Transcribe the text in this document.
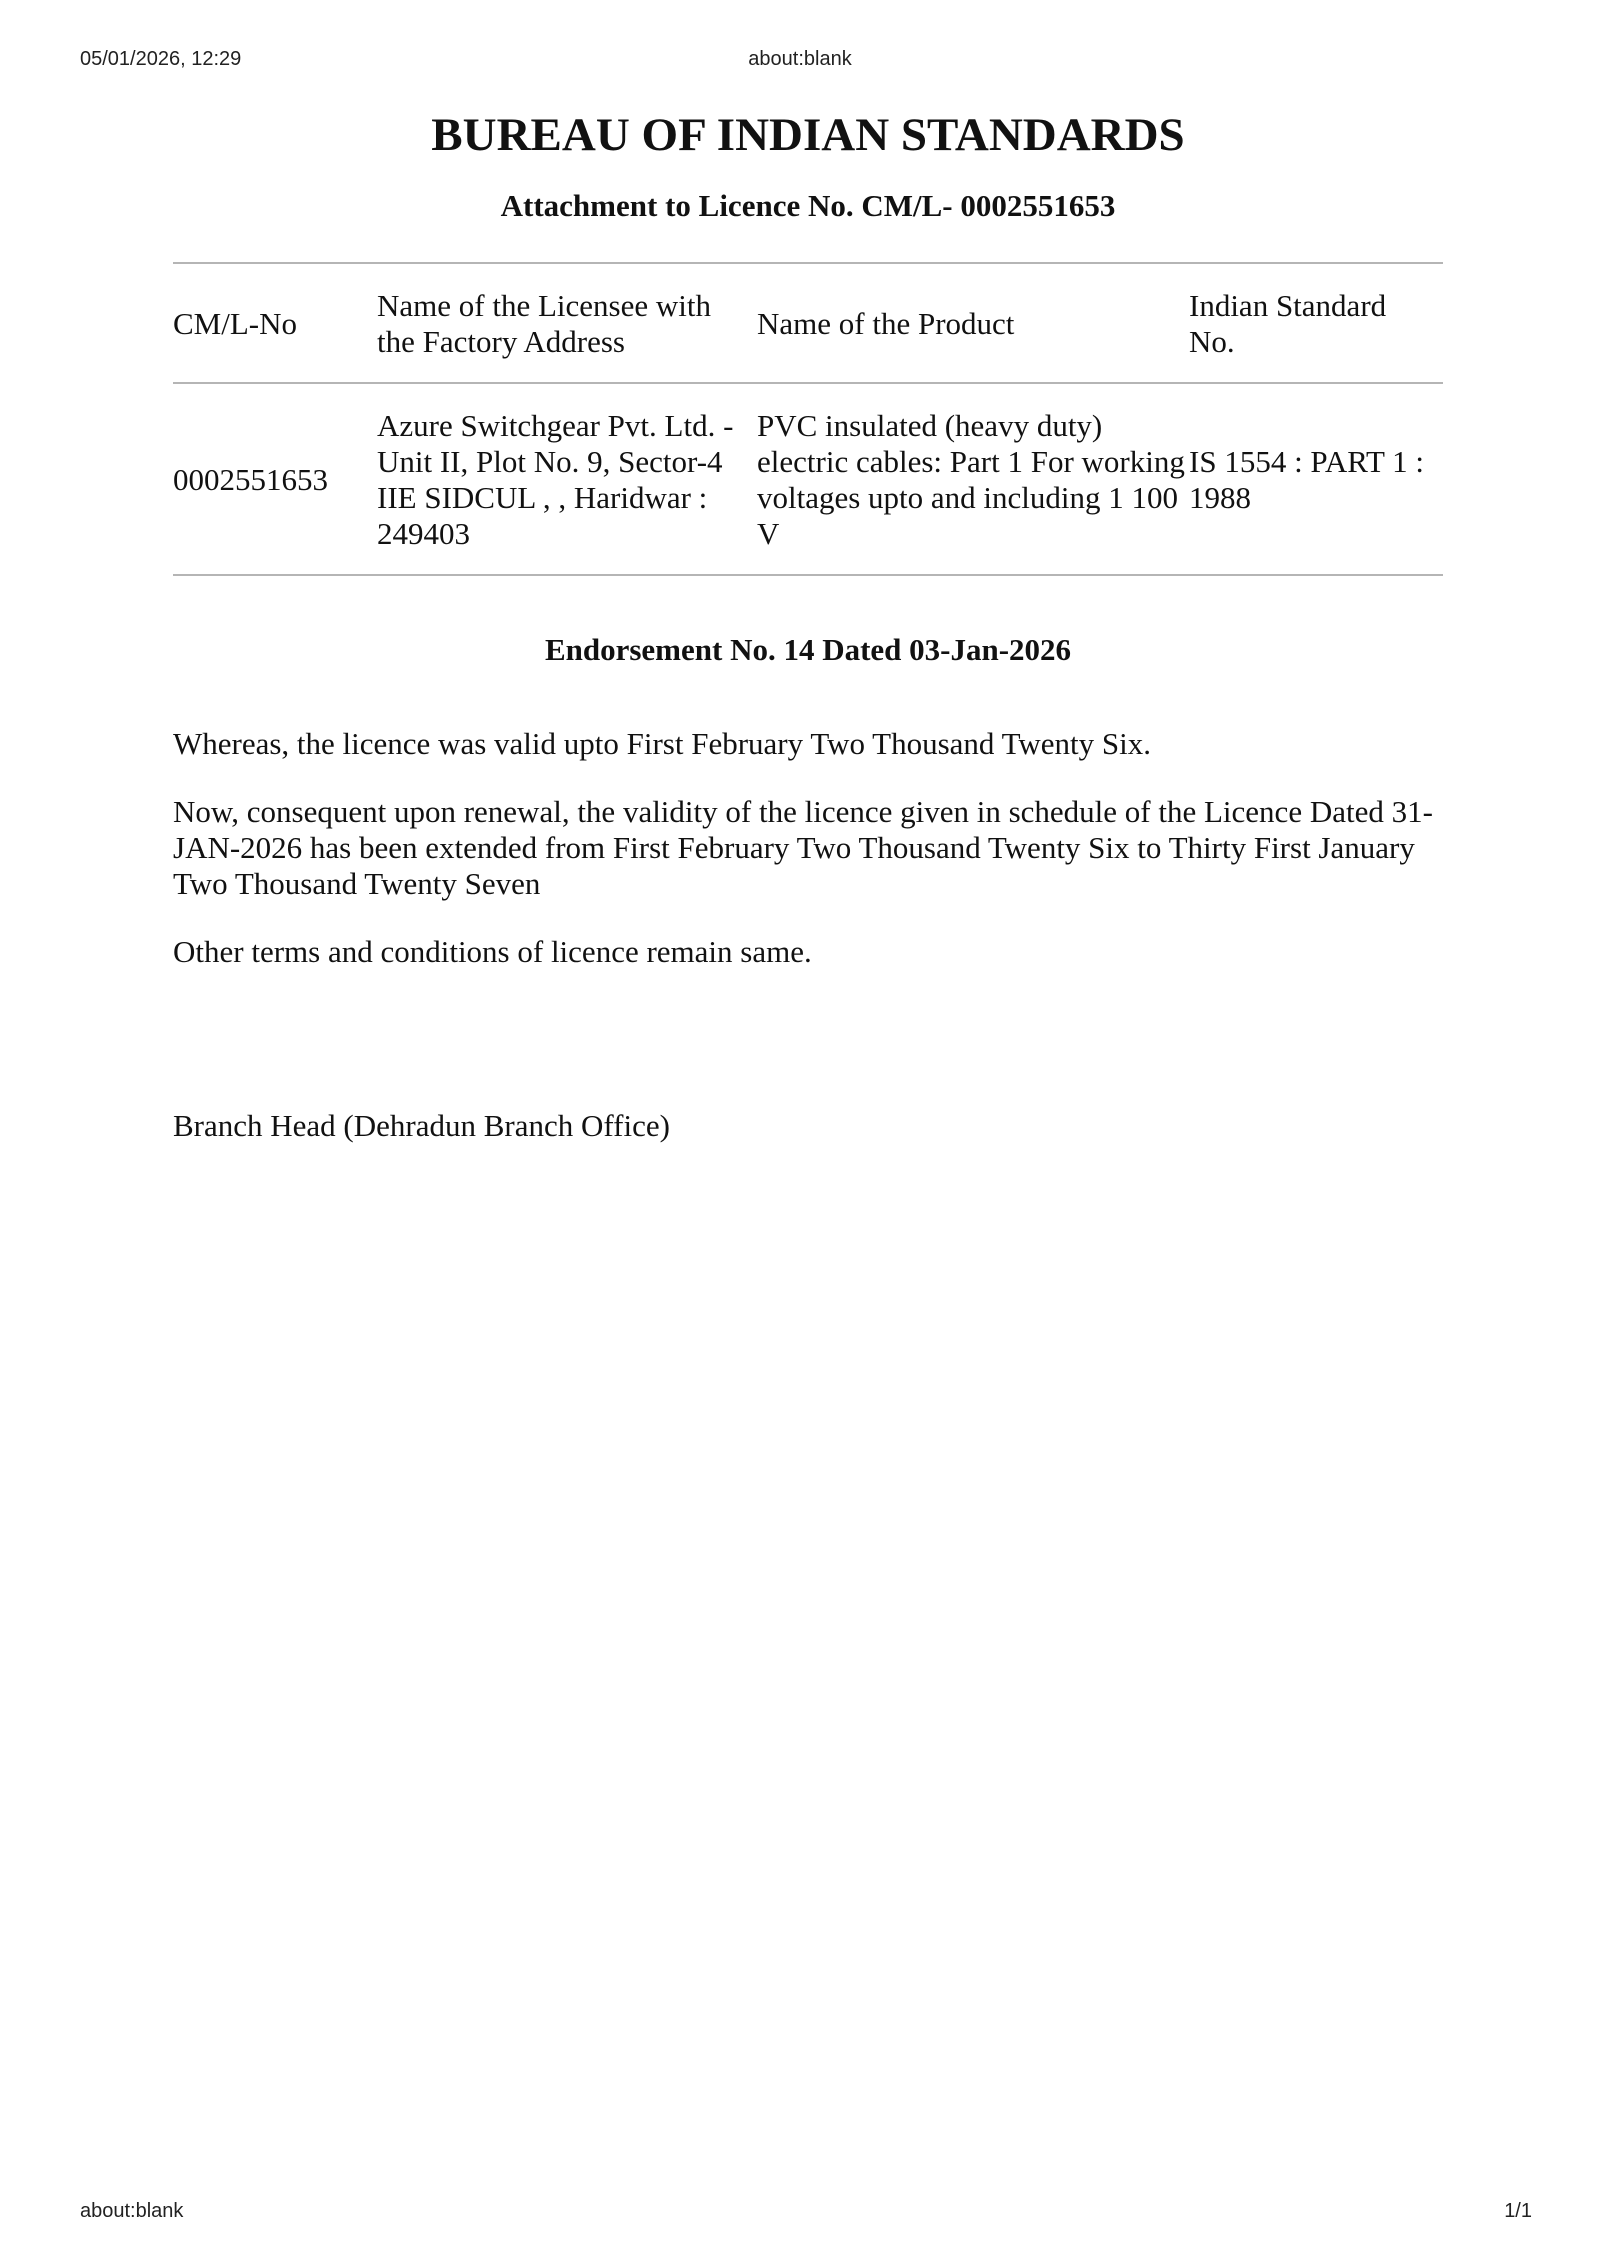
05/01/2026, 12:29	about:blank
BUREAU OF INDIAN STANDARDS
Attachment to Licence No. CM/L- 0002551653
CM/L-No	Name of the Licensee with the Factory Address	Name of the Product	Indian Standard No.
0002551653	Azure Switchgear Pvt. Ltd. - Unit II, Plot No. 9, Sector-4 IIE SIDCUL , , Haridwar : 249403	PVC insulated (heavy duty) electric cables: Part 1 For working voltages upto and including 1 100 V	IS 1554 : PART 1 : 1988

Endorsement No. 14 Dated 03-Jan-2026

Whereas, the licence was valid upto First February Two Thousand Twenty Six.

Now, consequent upon renewal, the validity of the licence given in schedule of the Licence Dated 31-JAN-2026 has been extended from First February Two Thousand Twenty Six to Thirty First January Two Thousand Twenty Seven

Other terms and conditions of licence remain same.

Branch Head (Dehradun Branch Office)

about:blank	1/1
